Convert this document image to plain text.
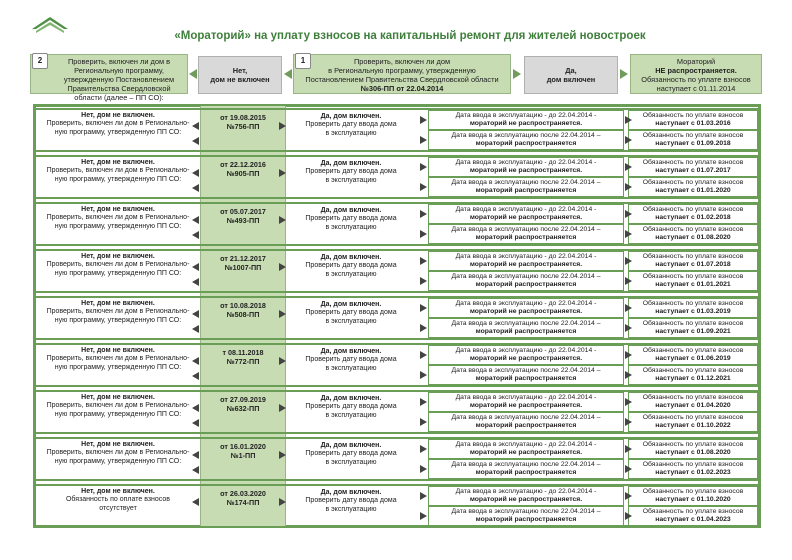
«Мораторий» на уплату взносов на капитальный ремонт для жителей новостроек
Проверить, включен ли дом в Региональную программу, утвержденную Постановлением Правительства Свердловской области (далее – ПП СО):
2
Нет,
дом не включен
Проверить, включен ли дом
в Региональную программу, утвержденную
Постановлением Правительства Свердловской области
№306-ПП от 22.04.2014
1
Да,
дом включен
Мораторий
НЕ распространяется.
Обязанность по уплате взносов
наступает с 01.11.2014
Нет, дом не включен.
Проверить, включен ли дом в Регионально-
ную программу, утвержденную ПП СО:
от 19.08.2015
№756-ПП
Да, дом включен.
Проверить дату ввода дома
в эксплуатацию
Дата ввода в эксплуатацию - до 22.04.2014 -
мораторий не распространяется.
Дата ввода в эксплуатацию после 22.04.2014 –
мораторий распространяется
Обязанность по уплате взносов
наступает с 01.03.2016
Обязанность по уплате взносов
наступает с 01.09.2018
Нет, дом не включен.
Проверить, включен ли дом в Регионально-
ную программу, утвержденную ПП СО:
от 22.12.2016
№905-ПП
Да, дом включен.
Проверить дату ввода дома
в эксплуатацию
Дата ввода в эксплуатацию - до 22.04.2014 -
мораторий не распространяется.
Дата ввода в эксплуатацию после 22.04.2014 –
мораторий распространяется
Обязанность по уплате взносов
наступает с 01.07.2017
Обязанность по уплате взносов
наступает с 01.01.2020
Нет, дом не включен.
Проверить, включен ли дом в Регионально-
ную программу, утвержденную ПП СО:
от 05.07.2017
№493-ПП
Да, дом включен.
Проверить дату ввода дома
в эксплуатацию
Дата ввода в эксплуатацию - до 22.04.2014 -
мораторий не распространяется.
Дата ввода в эксплуатацию после 22.04.2014 –
мораторий распространяется
Обязанность по уплате взносов
наступает с 01.02.2018
Обязанность по уплате взносов
наступает с 01.08.2020
Нет, дом не включен.
Проверить, включен ли дом в Регионально-
ную программу, утвержденную ПП СО:
от 21.12.2017
№1007-ПП
Да, дом включен.
Проверить дату ввода дома
в эксплуатацию
Дата ввода в эксплуатацию - до 22.04.2014 -
мораторий не распространяется.
Дата ввода в эксплуатацию после 22.04.2014 –
мораторий распространяется
Обязанность по уплате взносов
наступает с 01.07.2018
Обязанность по уплате взносов
наступает с 01.01.2021
Нет, дом не включен.
Проверить, включен ли дом в Регионально-
ную программу, утвержденную ПП СО:
от 10.08.2018
№508-ПП
Да, дом включен.
Проверить дату ввода дома
в эксплуатацию
Дата ввода в эксплуатацию - до 22.04.2014 -
мораторий не распространяется.
Дата ввода в эксплуатацию после 22.04.2014 –
мораторий распространяется
Обязанность по уплате взносов
наступает с 01.03.2019
Обязанность по уплате взносов
наступает с 01.09.2021
Нет, дом не включен.
Проверить, включен ли дом в Регионально-
ную программу, утвержденную ПП СО:
т 08.11.2018
№772-ПП
Да, дом включен.
Проверить дату ввода дома
в эксплуатацию
Дата ввода в эксплуатацию - до 22.04.2014 -
мораторий не распространяется.
Дата ввода в эксплуатацию после 22.04.2014 –
мораторий распространяется
Обязанность по уплате взносов
наступает с 01.06.2019
Обязанность по уплате взносов
наступает с 01.12.2021
Нет, дом не включен.
Проверить, включен ли дом в Регионально-
ную программу, утвержденную ПП СО:
от 27.09.2019
№632-ПП
Да, дом включен.
Проверить дату ввода дома
в эксплуатацию
Дата ввода в эксплуатацию - до 22.04.2014 -
мораторий не распространяется.
Дата ввода в эксплуатацию после 22.04.2014 –
мораторий распространяется
Обязанность по уплате взносов
наступает с 01.04.2020
Обязанность по уплате взносов
наступает с 01.10.2022
Нет, дом не включен.
Проверить, включен ли дом в Регионально-
ную программу, утвержденную ПП СО:
от 16.01.2020
№1-ПП
Да, дом включен.
Проверить дату ввода дома
в эксплуатацию
Дата ввода в эксплуатацию - до 22.04.2014 -
мораторий не распространяется.
Дата ввода в эксплуатацию после 22.04.2014 –
мораторий распространяется
Обязанность по уплате взносов
наступает с 01.08.2020
Обязанность по уплате взносов
наступает с 01.02.2023
Нет, дом не включен.
Обязанность по оплате взносов
отсутствует
от 26.03.2020
№174-ПП
Да, дом включен.
Проверить дату ввода дома
в эксплуатацию
Дата ввода в эксплуатацию - до 22.04.2014 -
мораторий не распространяется.
Дата ввода в эксплуатацию после 22.04.2014 –
мораторий распространяется
Обязанность по уплате взносов
наступает с 01.10.2020
Обязанность по уплате взносов
наступает с 01.04.2023
